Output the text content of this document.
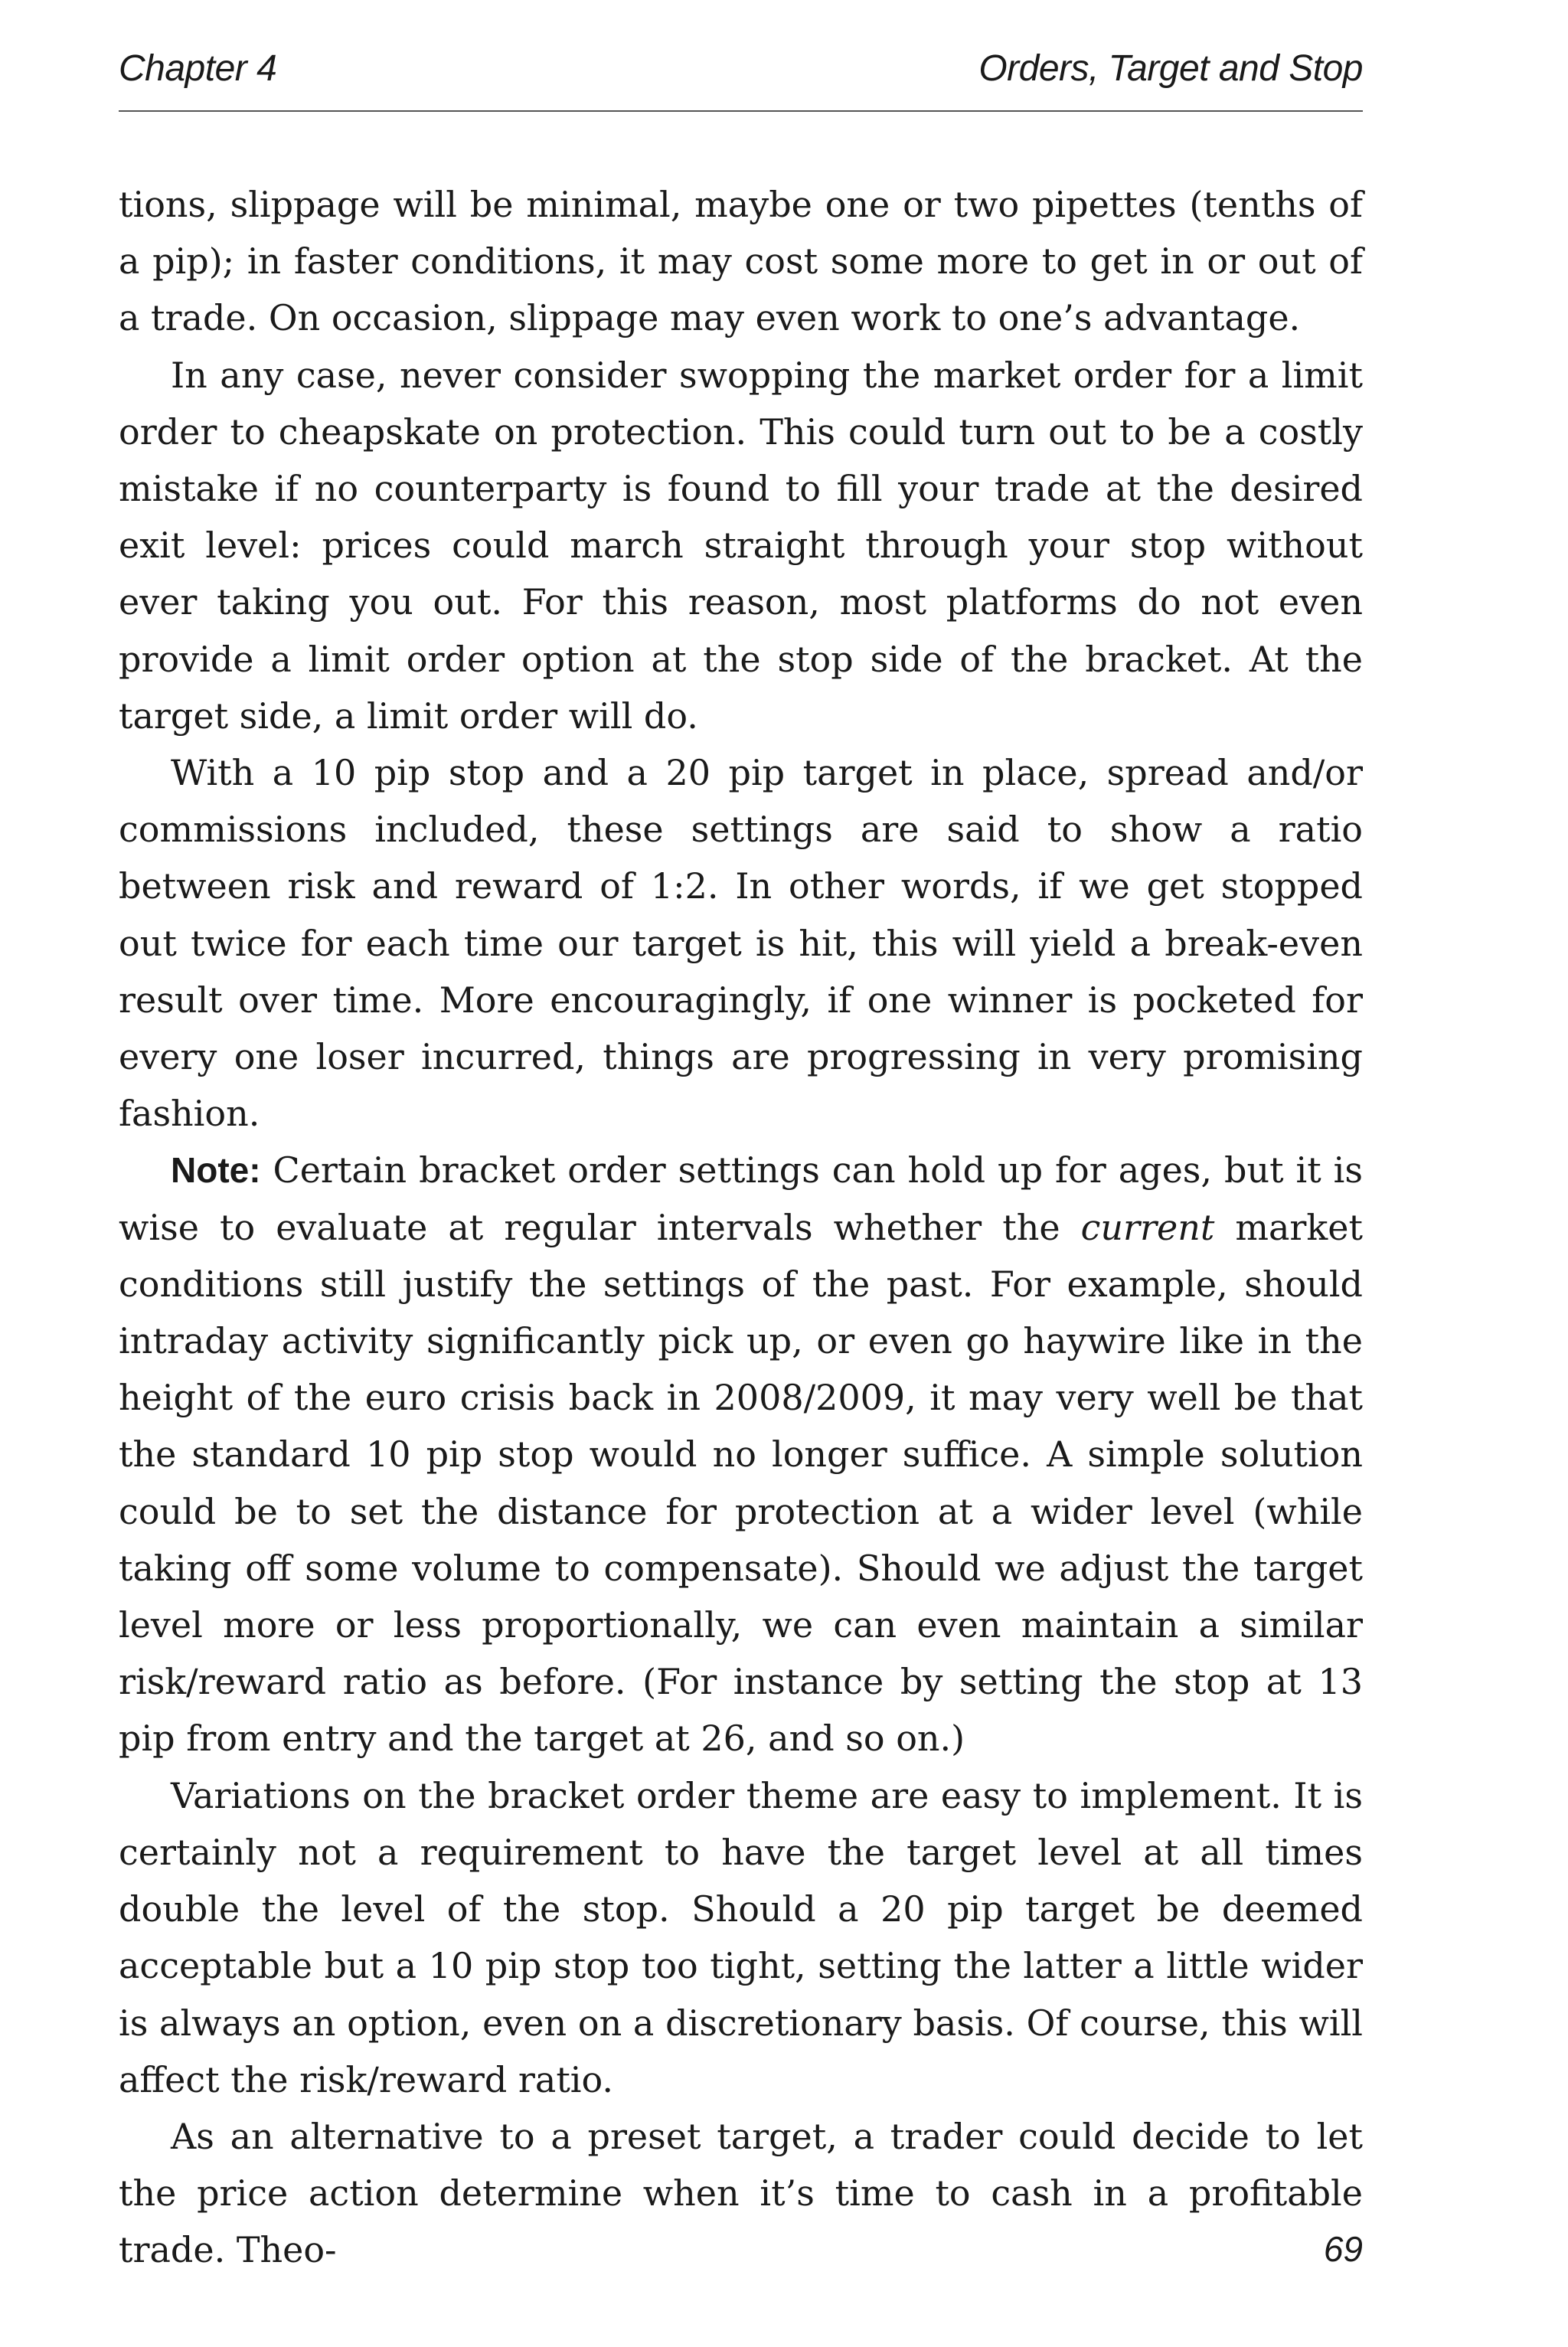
Chapter 4	Orders, Target and Stop

tions, slippage will be minimal, maybe one or two pipettes (tenths of a pip); in faster conditions, it may cost some more to get in or out of a trade. On occasion, slippage may even work to one’s advantage.

In any case, never consider swopping the market order for a limit order to cheapskate on protection. This could turn out to be a costly mistake if no counterparty is found to fill your trade at the desired exit level: prices could march straight through your stop without ever taking you out. For this reason, most platforms do not even provide a limit order option at the stop side of the bracket. At the target side, a limit order will do.

With a 10 pip stop and a 20 pip target in place, spread and/or commissions included, these settings are said to show a ratio between risk and reward of 1:2. In other words, if we get stopped out twice for each time our target is hit, this will yield a break-even result over time. More encouragingly, if one winner is pocketed for every one loser incurred, things are progressing in very promising fashion.

Note: Certain bracket order settings can hold up for ages, but it is wise to evaluate at regular intervals whether the current market conditions still justify the settings of the past. For example, should intraday activity significantly pick up, or even go haywire like in the height of the euro crisis back in 2008/2009, it may very well be that the standard 10 pip stop would no longer suffice. A simple solution could be to set the distance for protection at a wider level (while taking off some volume to compensate). Should we adjust the target level more or less proportionally, we can even maintain a similar risk/reward ratio as before. (For instance by setting the stop at 13 pip from entry and the target at 26, and so on.)

Variations on the bracket order theme are easy to implement. It is certainly not a requirement to have the target level at all times double the level of the stop. Should a 20 pip target be deemed acceptable but a 10 pip stop too tight, setting the latter a little wider is always an option, even on a discretionary basis. Of course, this will affect the risk/reward ratio.

As an alternative to a preset target, a trader could decide to let the price action determine when it’s time to cash in a profitable trade. Theo-	69
